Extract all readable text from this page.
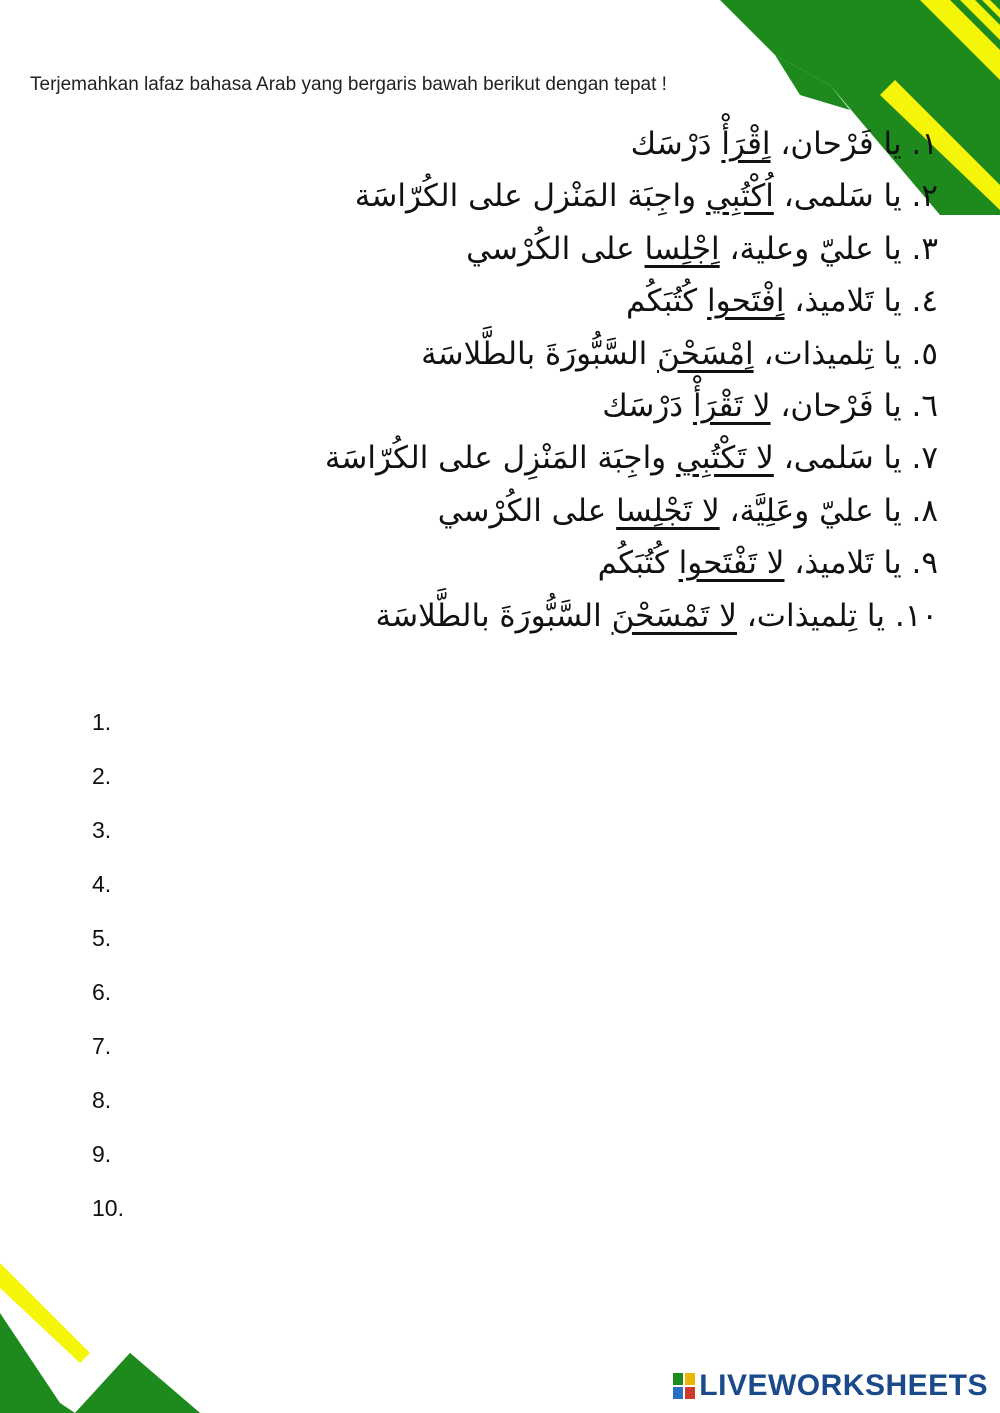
Terjemahkan lafaz bahasa Arab yang bergaris bawah berikut dengan tepat !
١. يا فَرْحان، اِقْرَأْ دَرْسَك
٢. يا سَلمى، اُكْتُبِي واجِبَة المَنْزل على الكُرّاسَة
٣. يا عليّ وعلية، اِجْلِسا على الكُرْسي
٤. يا تَلاميذ، اِفْتَحوا كُتُبَكُم
٥. يا تِلميذات، اِمْسَحْنَ السَّبُّورَةَ بالطَّلاسَة
٦. يا فَرْحان، لا تَقْرَأْ دَرْسَك
٧. يا سَلمى، لا تَكْتُبِي واجِبَة المَنْزِل على الكُرّاسَة
٨. يا عليّ وعَلِيَّة، لا تَجْلِسا على الكُرْسي
٩. يا تَلاميذ، لا تَفْتَحوا كُتُبَكُم
١٠. يا تِلميذات، لا تَمْسَحْنَ السَّبُّورَةَ بالطَّلاسَة
1.
2.
3.
4.
5.
6.
7.
8.
9.
10.
LIVEWORKSHEETS
